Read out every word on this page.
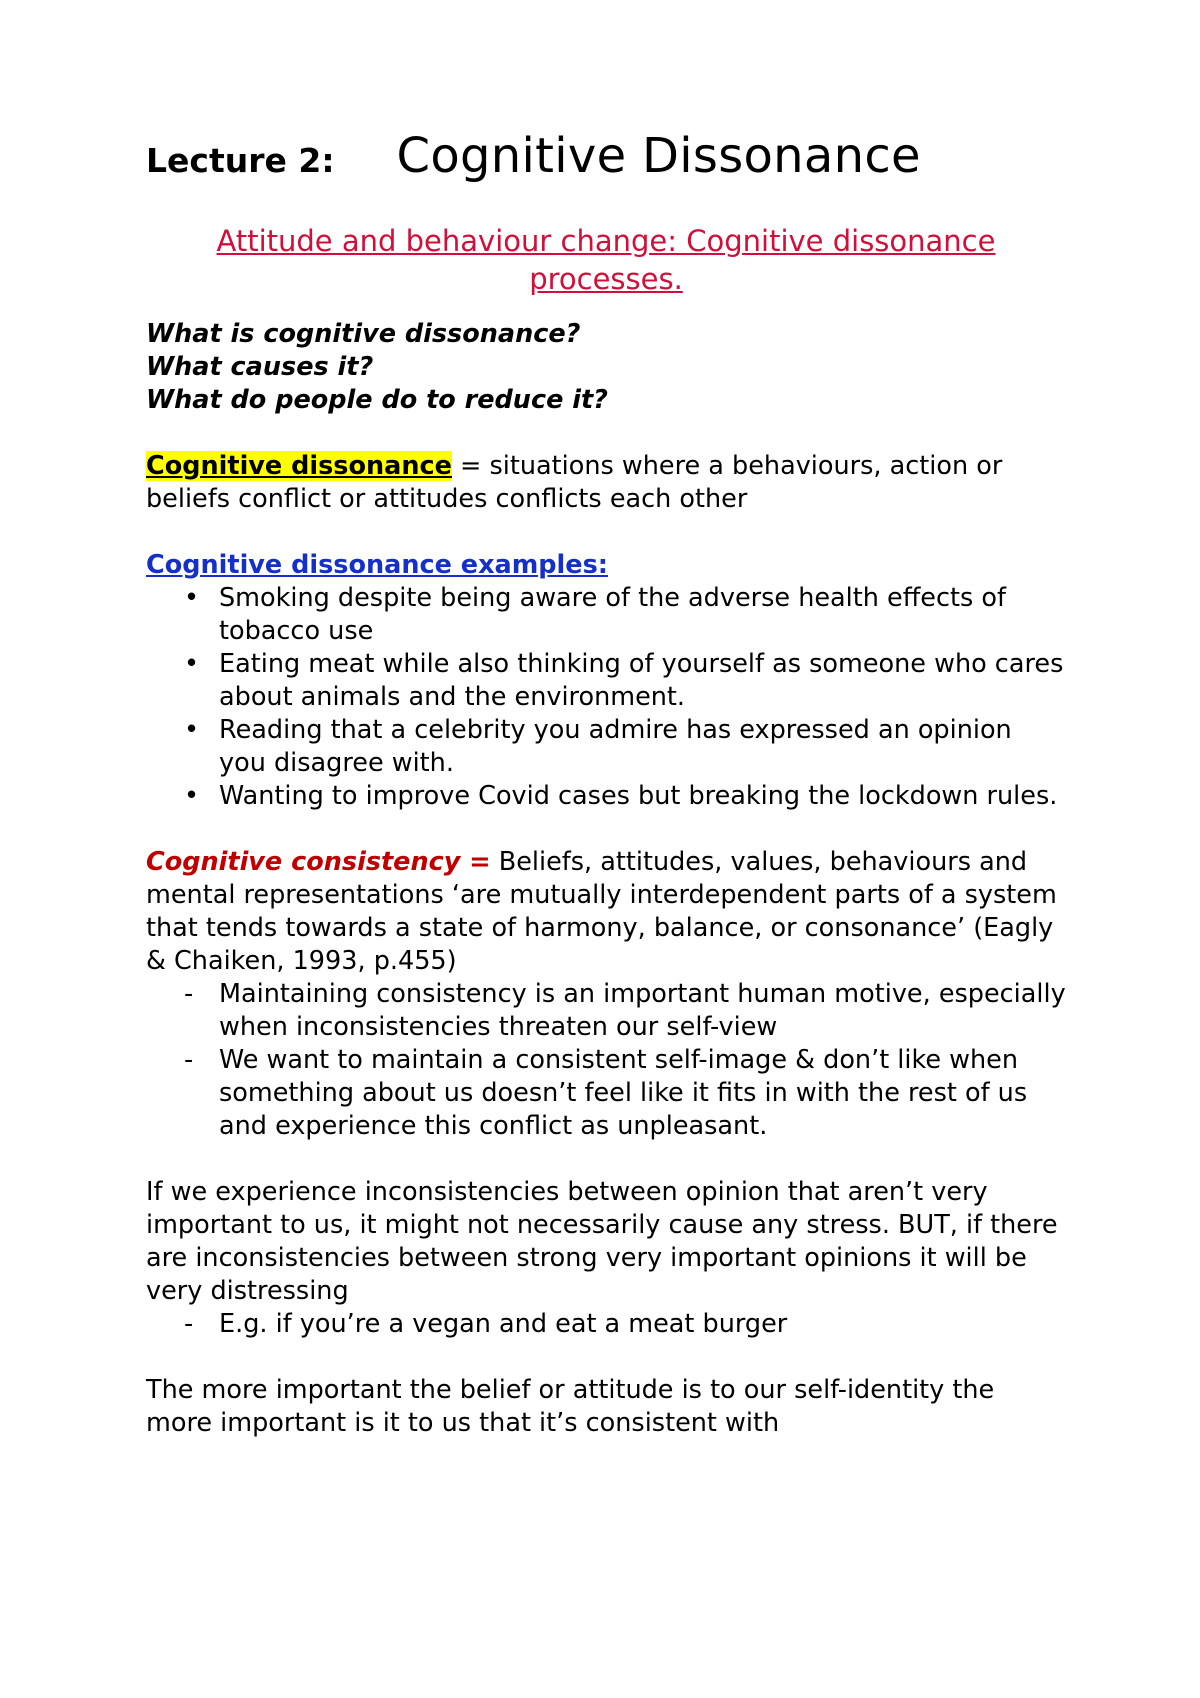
Lecture 2: Cognitive Dissonance
Attitude and behaviour change: Cognitive dissonance processes.

What is cognitive dissonance?

What causes it?

What do people do to reduce it?

Cognitive dissonance = situations where a behaviours, action or beliefs conflict or attitudes conflicts each other

Cognitive dissonance examples:

• Smoking despite being aware of the adverse health effects of tobacco use
• Eating meat while also thinking of yourself as someone who cares about animals and the environment.
• Reading that a celebrity you admire has expressed an opinion you disagree with.
• Wanting to improve Covid cases but breaking the lockdown rules.

Cognitive consistency = Beliefs, attitudes, values, behaviours and mental representations ‘are mutually interdependent parts of a system that tends towards a state of harmony, balance, or consonance’ (Eagly & Chaiken, 1993, p.455)

- Maintaining consistency is an important human motive, especially when inconsistencies threaten our self-view
- We want to maintain a consistent self-image & don’t like when something about us doesn’t feel like it fits in with the rest of us and experience this conflict as unpleasant.

If we experience inconsistencies between opinion that aren’t very important to us, it might not necessarily cause any stress. BUT, if there are inconsistencies between strong very important opinions it will be very distressing

- E.g. if you’re a vegan and eat a meat burger

The more important the belief or attitude is to our self-identity the more important is it to us that it’s consistent with
